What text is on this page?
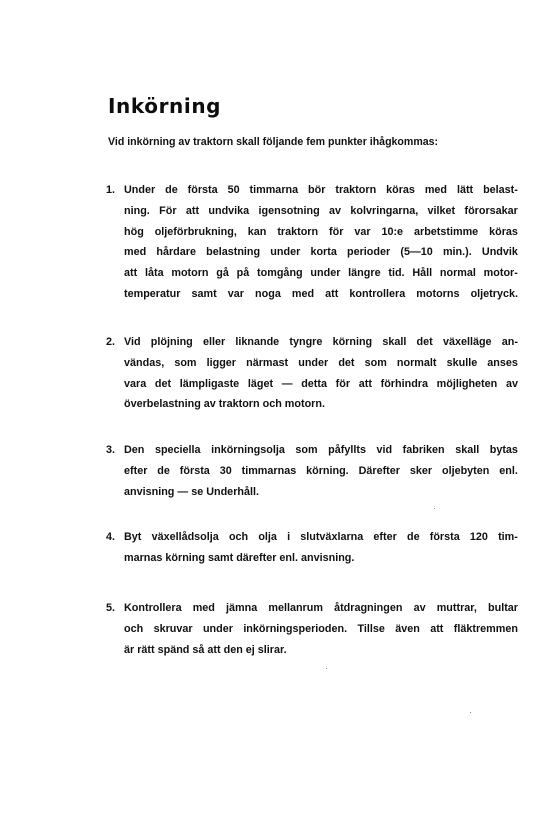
Inkörning
Vid inkörning av traktorn skall följande fem punkter ihågkommas:
1. Under de första 50 timmarna bör traktorn köras med lätt belast-
ning. För att undvika igensotning av kolvringarna, vilket förorsakar
hög oljeförbrukning, kan traktorn för var 10:e arbetstimme köras
med hårdare belastning under korta perioder (5—10 min.). Undvik
att låta motorn gå på tomgång under längre tid. Håll normal motor-
temperatur samt var noga med att kontrollera motorns oljetryck.
2. Vid plöjning eller liknande tyngre körning skall det växelläge an-
vändas, som ligger närmast under det som normalt skulle anses
vara det lämpligaste läget — detta för att förhindra möjligheten av
överbelastning av traktorn och motorn.
3. Den speciella inkörningsolja som påfyllts vid fabriken skall bytas
efter de första 30 timmarnas körning. Därefter sker oljebyten enl.
anvisning — se Underhåll.
4. Byt växellådsolja och olja i slutväxlarna efter de första 120 tim-
marnas körning samt därefter enl. anvisning.
5. Kontrollera med jämna mellanrum åtdragningen av muttrar, bultar
och skruvar under inkörningsperioden. Tillse även att fläktremmen
är rätt spänd så att den ej slirar.
